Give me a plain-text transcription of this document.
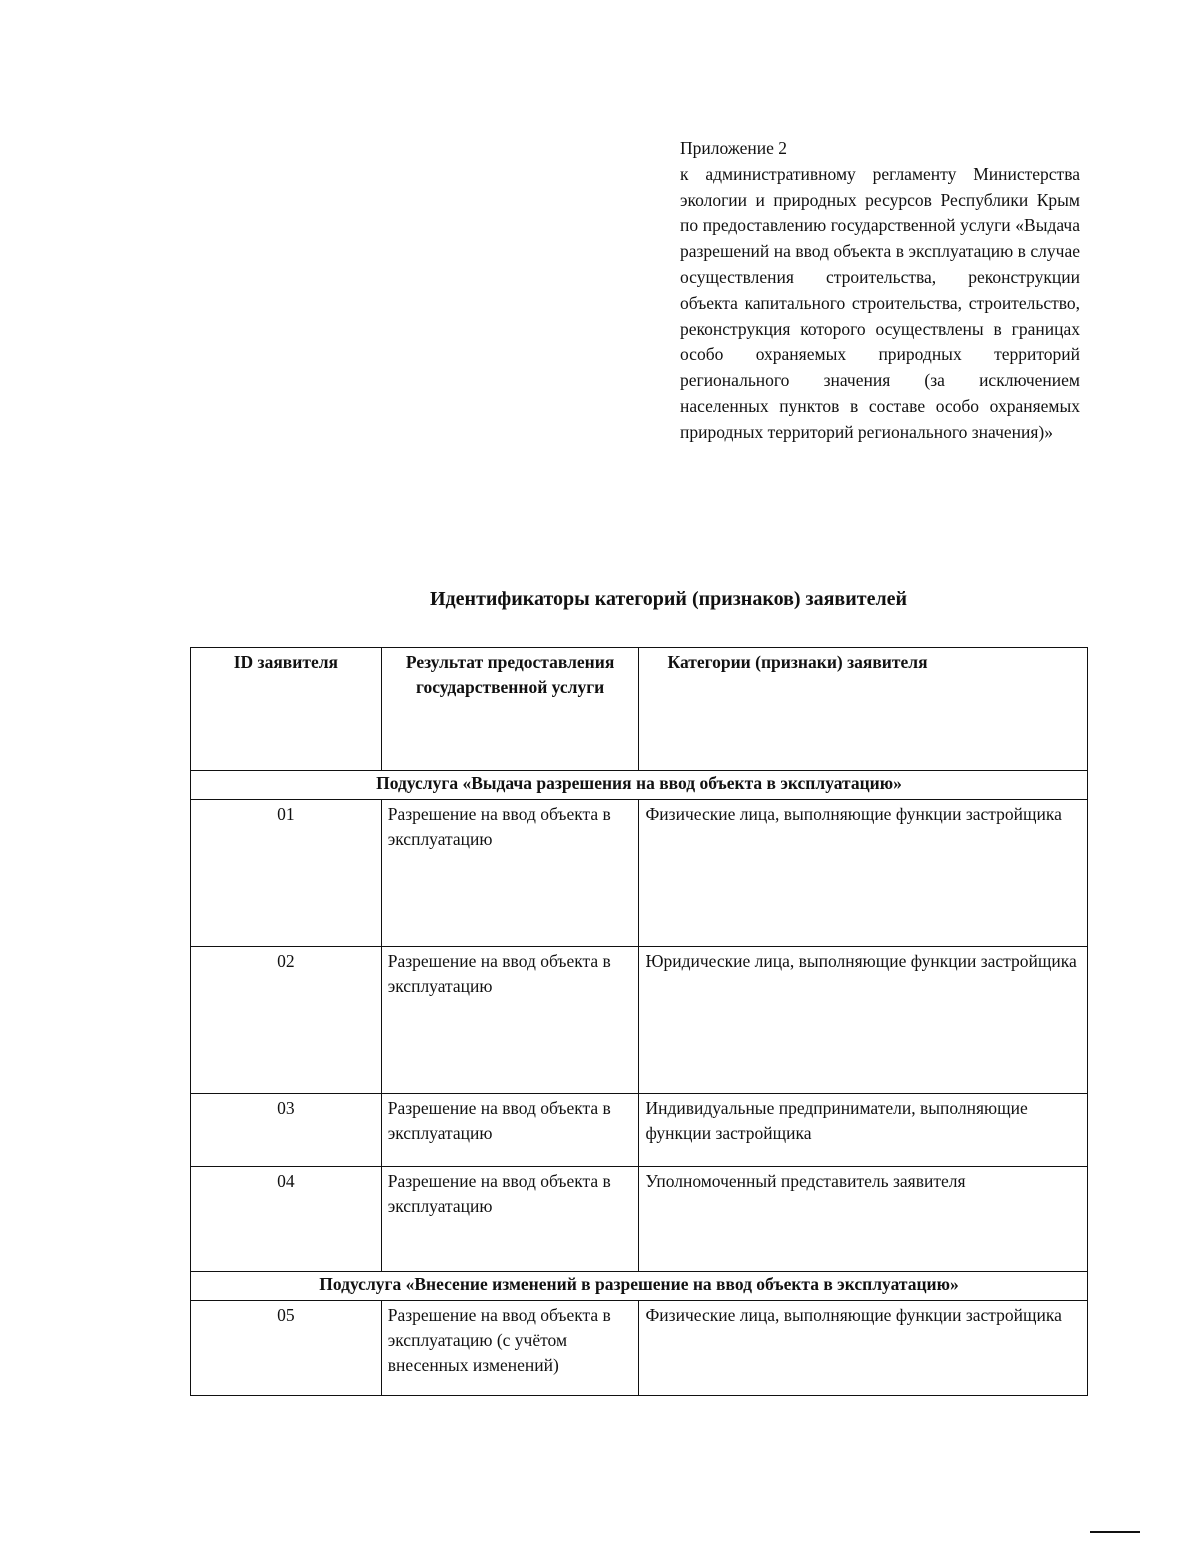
Приложение 2
к административному регламенту Министерства экологии и природных ресурсов Республики Крым по предоставлению государственной услуги «Выдача разрешений на ввод объекта в эксплуатацию в случае осуществления строительства, реконструкции объекта капитального строительства, строительство, реконструкция которого осуществлены в границах особо охраняемых природных территорий регионального значения (за исключением населенных пунктов в составе особо охраняемых природных территорий регионального значения)»
Идентификаторы категорий (признаков) заявителей
ID заявителя	Результат предоставления государственной услуги	Категории (признаки) заявителя
Подуслуга «Выдача разрешения на ввод объекта в эксплуатацию»		
01	Разрешение на ввод объекта в эксплуатацию	Физические лица, выполняющие функции застройщика
02	Разрешение на ввод объекта в эксплуатацию	Юридические лица, выполняющие функции застройщика
03	Разрешение на ввод объекта в эксплуатацию	Индивидуальные предприниматели, выполняющие функции застройщика
04	Разрешение на ввод объекта в эксплуатацию	Уполномоченный представитель заявителя
Подуслуга «Внесение изменений в разрешение на ввод объекта в эксплуатацию»		
05	Разрешение на ввод объекта в эксплуатацию (с учётом внесенных изменений)	Физические лица, выполняющие функции застройщика
